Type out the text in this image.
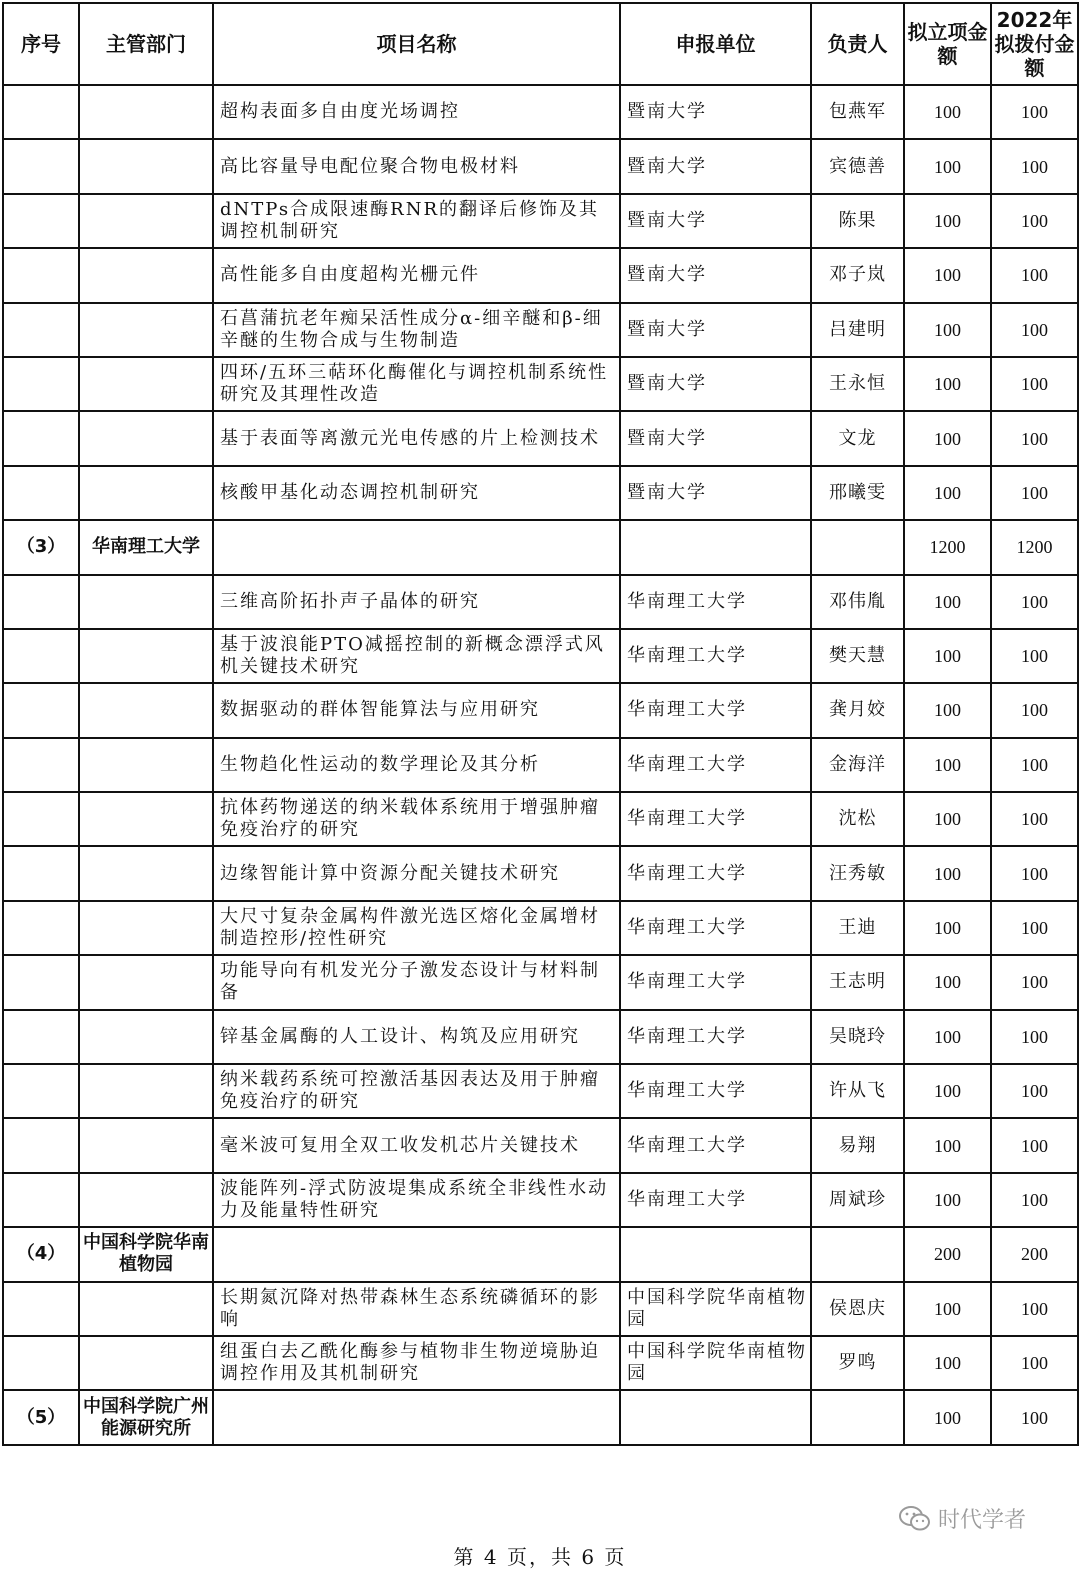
序号	主管部门	项目名称	申报单位	负责人	拟立项金额	2022年拟拨付金额
		超构表面多自由度光场调控	暨南大学	包燕军	100	100
		高比容量导电配位聚合物电极材料	暨南大学	宾德善	100	100
		dNTPs合成限速酶RNR的翻译后修饰及其调控机制研究	暨南大学	陈果	100	100
		高性能多自由度超构光栅元件	暨南大学	邓子岚	100	100
		石菖蒲抗老年痴呆活性成分α-细辛醚和β-细辛醚的生物合成与生物制造	暨南大学	吕建明	100	100
		四环/五环三萜环化酶催化与调控机制系统性研究及其理性改造	暨南大学	王永恒	100	100
		基于表面等离激元光电传感的片上检测技术	暨南大学	文龙	100	100
		核酸甲基化动态调控机制研究	暨南大学	邢曦雯	100	100
（3）	华南理工大学				1200	1200
		三维高阶拓扑声子晶体的研究	华南理工大学	邓伟胤	100	100
		基于波浪能PTO减摇控制的新概念漂浮式风机关键技术研究	华南理工大学	樊天慧	100	100
		数据驱动的群体智能算法与应用研究	华南理工大学	龚月姣	100	100
		生物趋化性运动的数学理论及其分析	华南理工大学	金海洋	100	100
		抗体药物递送的纳米载体系统用于增强肿瘤免疫治疗的研究	华南理工大学	沈松	100	100
		边缘智能计算中资源分配关键技术研究	华南理工大学	汪秀敏	100	100
		大尺寸复杂金属构件激光选区熔化金属增材制造控形/控性研究	华南理工大学	王迪	100	100
		功能导向有机发光分子激发态设计与材料制备	华南理工大学	王志明	100	100
		锌基金属酶的人工设计、构筑及应用研究	华南理工大学	吴晓玲	100	100
		纳米载药系统可控激活基因表达及用于肿瘤免疫治疗的研究	华南理工大学	许从飞	100	100
		毫米波可复用全双工收发机芯片关键技术	华南理工大学	易翔	100	100
		波能阵列-浮式防波堤集成系统全非线性水动力及能量特性研究	华南理工大学	周斌珍	100	100
（4）	中国科学院华南植物园				200	200
		长期氮沉降对热带森林生态系统磷循环的影响	中国科学院华南植物园	侯恩庆	100	100
		组蛋白去乙酰化酶参与植物非生物逆境胁迫调控作用及其机制研究	中国科学院华南植物园	罗鸣	100	100
（5）	中国科学院广州能源研究所				100	100
时代学者
第 4 页，共 6 页
